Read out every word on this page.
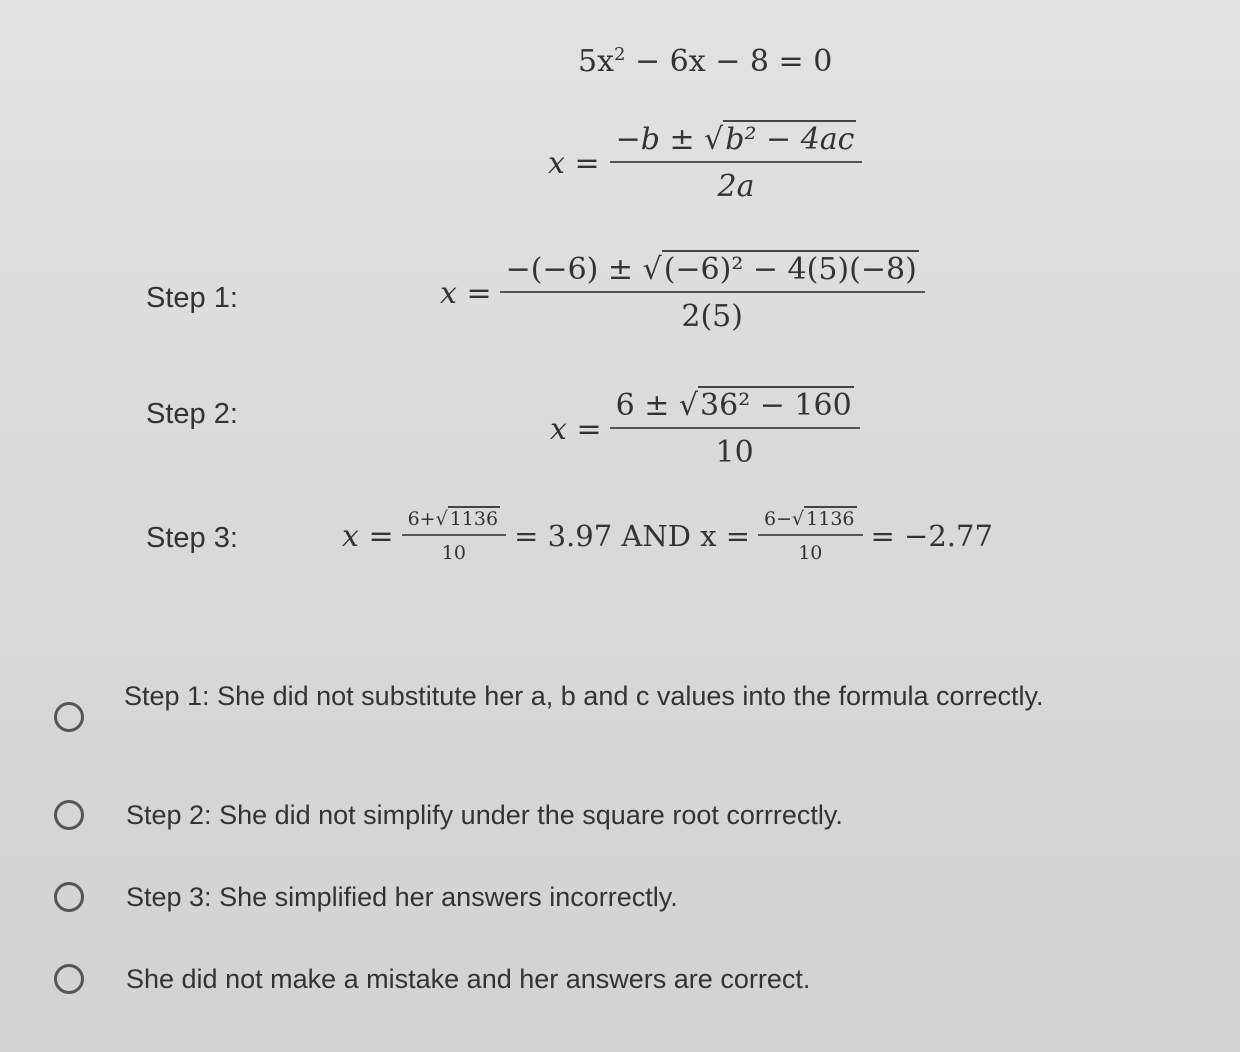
$5x^2 - 6x - 8 = 0$
$x = \frac{\text{−b ± √b² − 4ac}}{2a}$
Step 1:	$x = \frac{\text{−(−6) ± √(−6)² − 4(5)(−8)}}{2(5)}$
Step 2:	$x = \frac{\text{6 ± √36² − 160}}{10}$
Step 3:	$x = \frac{6+√ 1136}{10} = 3.97$ AND $x = \frac{6-√ 1136}{10} = -2.77$
Step 1: She did not substitute her a, b and c values into the formula correctly.
Step 2: She did not simplify under the square root corrrectly.
Step 3: She simplified her answers incorrectly.
She did not make a mistake and her answers are correct.
